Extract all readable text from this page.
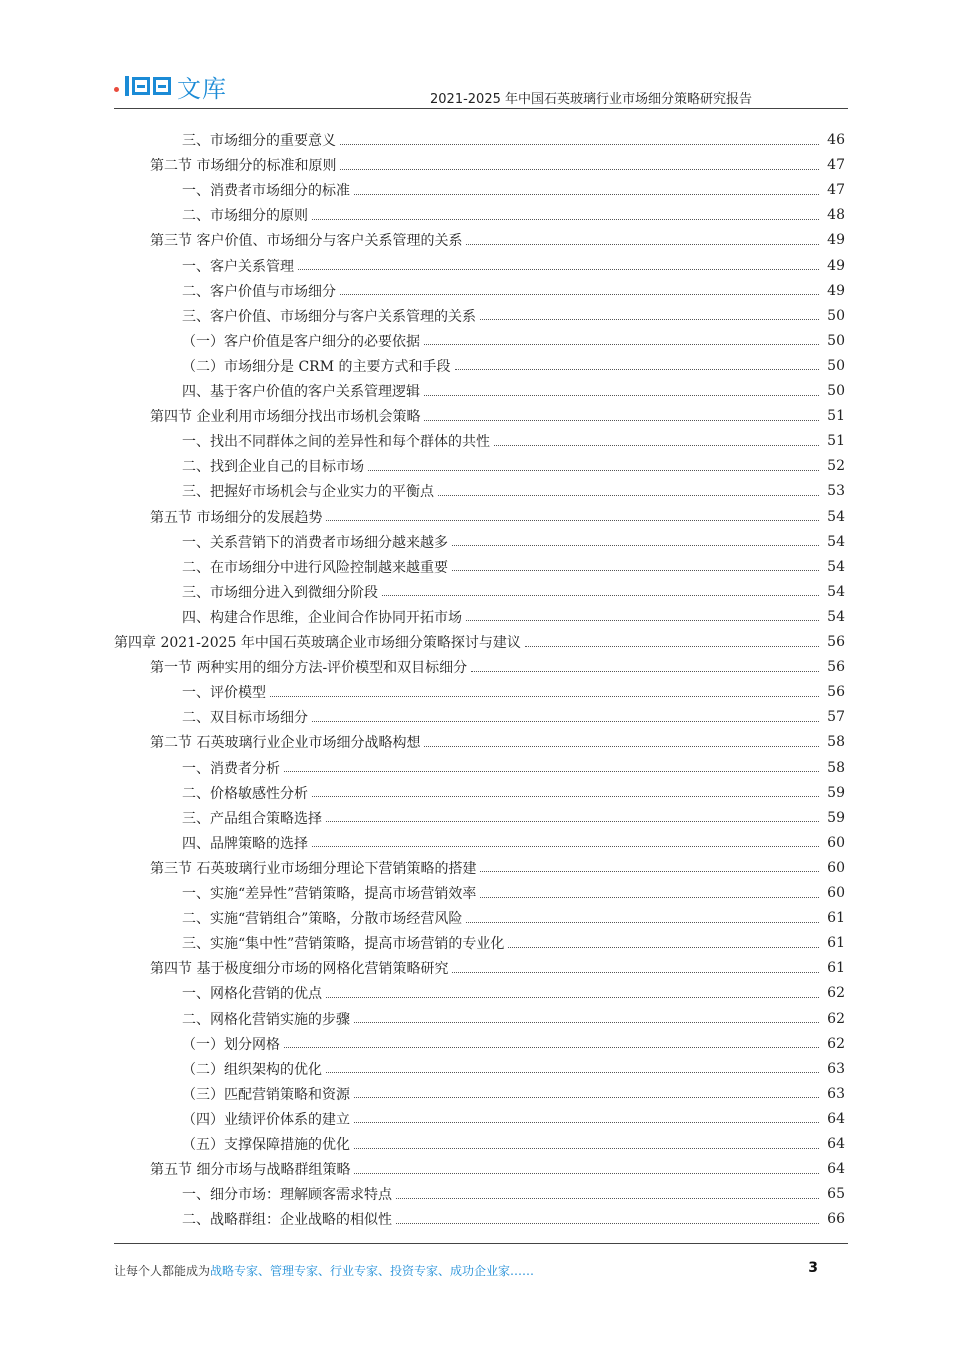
文库	2021-2025 年中国石英玻璃行业市场细分策略研究报告
三、市场细分的重要意义	46
第二节 市场细分的标准和原则	47
一、消费者市场细分的标准	47
二、市场细分的原则	48
第三节 客户价值、市场细分与客户关系管理的关系	49
一、客户关系管理	49
二、客户价值与市场细分	49
三、客户价值、市场细分与客户关系管理的关系	50
（一）客户价值是客户细分的必要依据	50
（二）市场细分是 CRM 的主要方式和手段	50
四、基于客户价值的客户关系管理逻辑	50
第四节 企业利用市场细分找出市场机会策略	51
一、找出不同群体之间的差异性和每个群体的共性	51
二、找到企业自己的目标市场	52
三、把握好市场机会与企业实力的平衡点	53
第五节 市场细分的发展趋势	54
一、关系营销下的消费者市场细分越来越多	54
二、在市场细分中进行风险控制越来越重要	54
三、市场细分进入到微细分阶段	54
四、构建合作思维，企业间合作协同开拓市场	54
第四章 2021-2025 年中国石英玻璃企业市场细分策略探讨与建议	56
第一节 两种实用的细分方法-评价模型和双目标细分	56
一、评价模型	56
二、双目标市场细分	57
第二节 石英玻璃行业企业市场细分战略构想	58
一、消费者分析	58
二、价格敏感性分析	59
三、产品组合策略选择	59
四、品牌策略的选择	60
第三节 石英玻璃行业市场细分理论下营销策略的搭建	60
一、实施“差异性”营销策略，提高市场营销效率	60
二、实施“营销组合”策略，分散市场经营风险	61
三、实施“集中性”营销策略，提高市场营销的专业化	61
第四节 基于极度细分市场的网格化营销策略研究	61
一、网格化营销的优点	62
二、网格化营销实施的步骤	62
（一）划分网格	62
（二）组织架构的优化	63
（三）匹配营销策略和资源	63
（四）业绩评价体系的建立	64
（五）支撑保障措施的优化	64
第五节 细分市场与战略群组策略	64
一、细分市场：理解顾客需求特点	65
二、战略群组：企业战略的相似性	66
让每个人都能成为战略专家、管理专家、行业专家、投资专家、成功企业家……	3
